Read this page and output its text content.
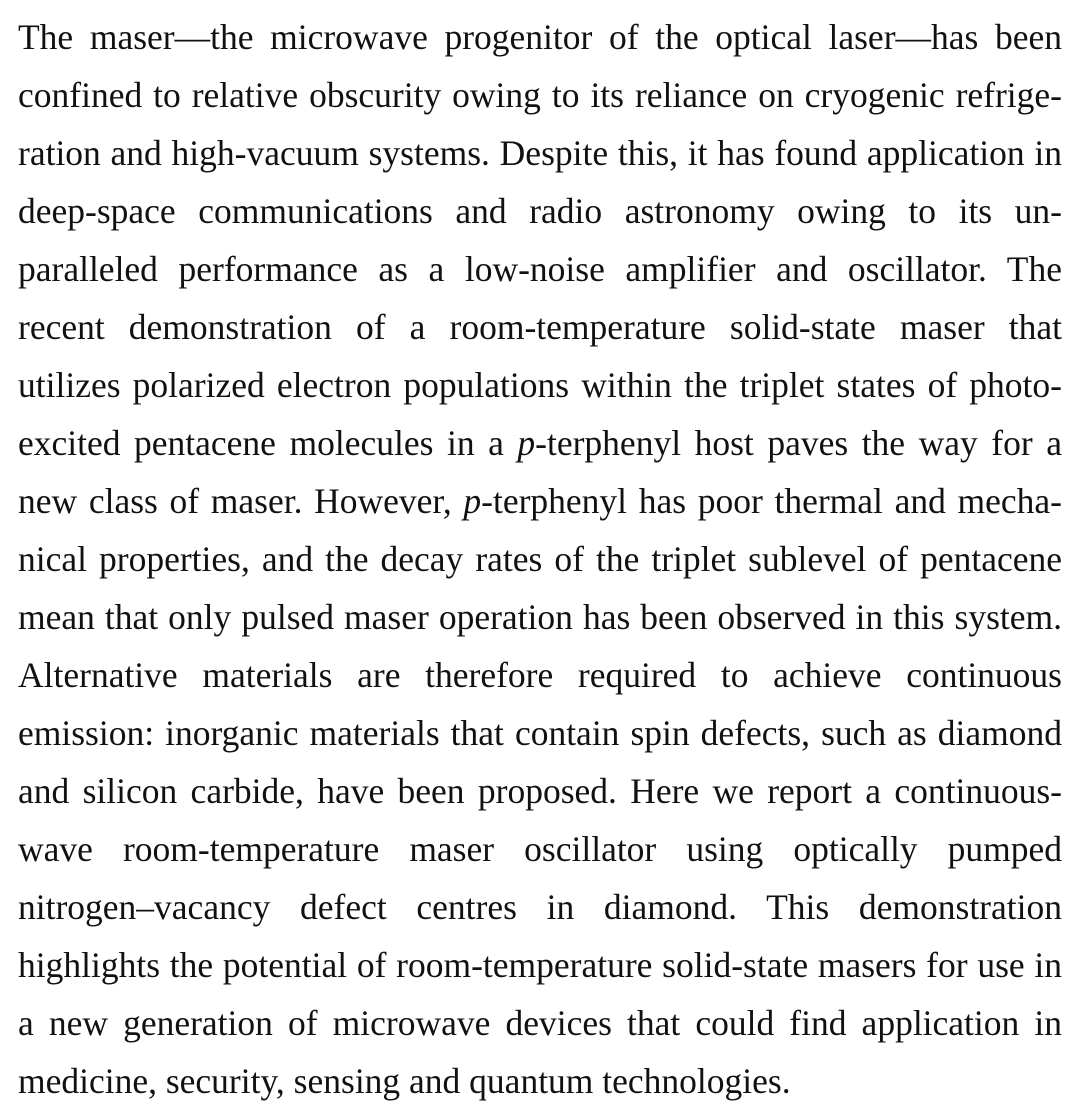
The maser—the microwave progenitor of the optical laser—has been
confined to relative obscurity owing to its reliance on cryogenic refrige-
ration and high-vacuum systems. Despite this, it has found application in
deep-space communications and radio astronomy owing to its un-
paralleled performance as a low-noise amplifier and oscillator. The
recent demonstration of a room-temperature solid-state maser that
utilizes polarized electron populations within the triplet states of photo-
excited pentacene molecules in a p-terphenyl host paves the way for a
new class of maser. However, p-terphenyl has poor thermal and mecha-
nical properties, and the decay rates of the triplet sublevel of pentacene
mean that only pulsed maser operation has been observed in this system.
Alternative materials are therefore required to achieve continuous
emission: inorganic materials that contain spin defects, such as diamond
and silicon carbide, have been proposed. Here we report a continuous-
wave room-temperature maser oscillator using optically pumped
nitrogen–vacancy defect centres in diamond. This demonstration
highlights the potential of room-temperature solid-state masers for use in
a new generation of microwave devices that could find application in
medicine, security, sensing and quantum technologies.
